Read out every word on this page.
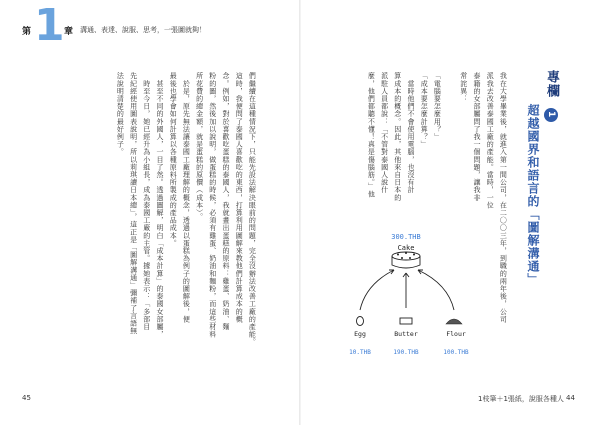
第 1 章 溝通、表達、說服、思考，一張圖就夠！
專欄 1
超越國界和語言的「圖解溝通」
我在大學畢業後，就進入第一間公司，在二〇〇三年，到職的兩年後，公司
派我去改善泰國工廠的產能。當時，一位
泰籍的女部屬問了我一個問題，讓我非
常詫異：
「電腦要怎麼用？」
「成本要怎麼計算？」
　當時他們不會使用電腦，也沒有計
算成本的概念。因此，其他來自日本的
派駐人員都說：「不管對泰國人說什
麼，他們都聽不懂！真是傷腦筋。」他
們繼續在這種情況下，只能先設法解決眼前的問題，完全沒辦法改善工廠的產能。
這時，我便問了泰國人喜歡吃的東西，打算利用圖解來教他們計算成本的概
念。例如，對於喜歡吃蛋糕的泰國人，我就畫出蛋糕的原料：雞蛋、奶油、麵
粉的圖，然後加以說明，做蛋糕的時候，必須有雞蛋、奶油和麵粉，而這些材料
所花費的總金額，就是蛋糕的原價（成本）。
　於是，原先無法讓泰國工廠理解的概念，透過以蛋糕為例子的圖解後，便
最後也學會如何計算以各種原料所製成的產品成本。
　甚至不同的外國人，一目了然。透過圖解，明白「成本計算」的泰國女部屬，
　時至今日，她已經升為小組長，成為泰國工廠的主管。據她表示：「多部目
先紀經使用圖表說明，所以莉琪讀日本總」，這正是「圖解溝通」彌補了言語無
法說明清楚的最好例子。
300.THB
Cake
Egg	Butter	Flour
10.THB	190.THB	100.THB
45	1枝筆＋1張紙，說服各種人 44
